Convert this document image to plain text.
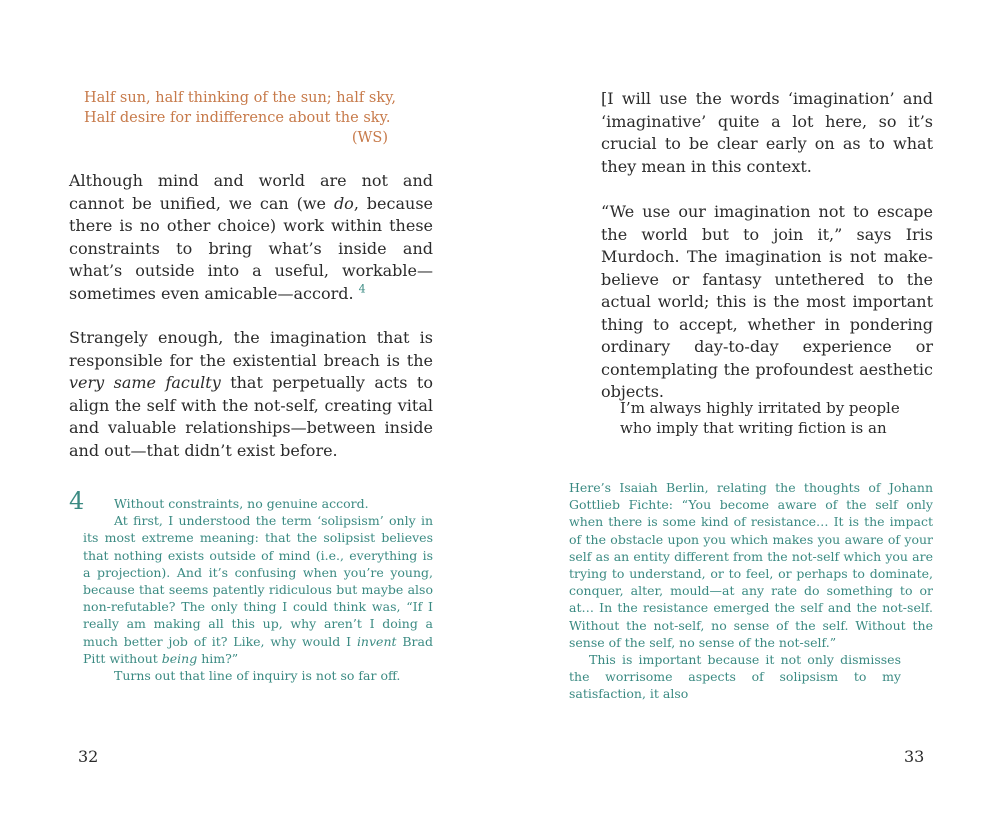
Half sun, half thinking of the sun; half sky,
Half desire for indifference about the sky.
(WS)
Although mind and world are not and cannot be unified, we can (we do, because there is no other choice) work within these constraints to bring what’s inside and what’s outside into a useful, workable—sometimes even amicable—accord. $^4$
Strangely enough, the imagination that is responsible for the existential breach is the very same faculty that perpetually acts to align the self with the not-self, creating vital and valuable relationships—between inside and out—that didn’t exist before.
4 Without constraints, no genuine accord.

At first, I understood the term ‘solipsism’ only in its most extreme meaning: that the solipsist believes that nothing exists outside of mind (i.e., everything is a projection). And it’s confusing when you’re young, because that seems patently ridiculous but maybe also non-refutable? The only thing I could think was, “If I really am making all this up, why aren’t I doing a much better job of it? Like, why would I invent Brad Pitt without being him?”

Turns out that line of inquiry is not so far off.

32
[I will use the words ‘imagination’ and ‘imaginative’ quite a lot here, so it’s crucial to be clear early on as to what they mean in this context.
“We use our imagination not to escape the world but to join it,” says Iris Murdoch. The imagination is not make-believe or fantasy untethered to the actual world; this is the most important thing to accept, whether in pondering ordinary day-to-day experience or contemplating the profoundest aesthetic objects.
I’m always highly irritated by people
who imply that writing fiction is an

Here’s Isaiah Berlin, relating the thoughts of Johann Gottlieb Fichte: “You become aware of the self only when there is some kind of resistance… It is the impact of the obstacle upon you which makes you aware of your self as an entity different from the not-self which you are trying to understand, or to feel, or perhaps to dominate, conquer, alter, mould—at any rate do something to or at… In the resistance emerged the self and the not-self. Without the not-self, no sense of the self. Without the sense of the self, no sense of the not-self.”

This is important because it not only dismisses the worrisome aspects of solipsism to my satisfaction, it also

33
